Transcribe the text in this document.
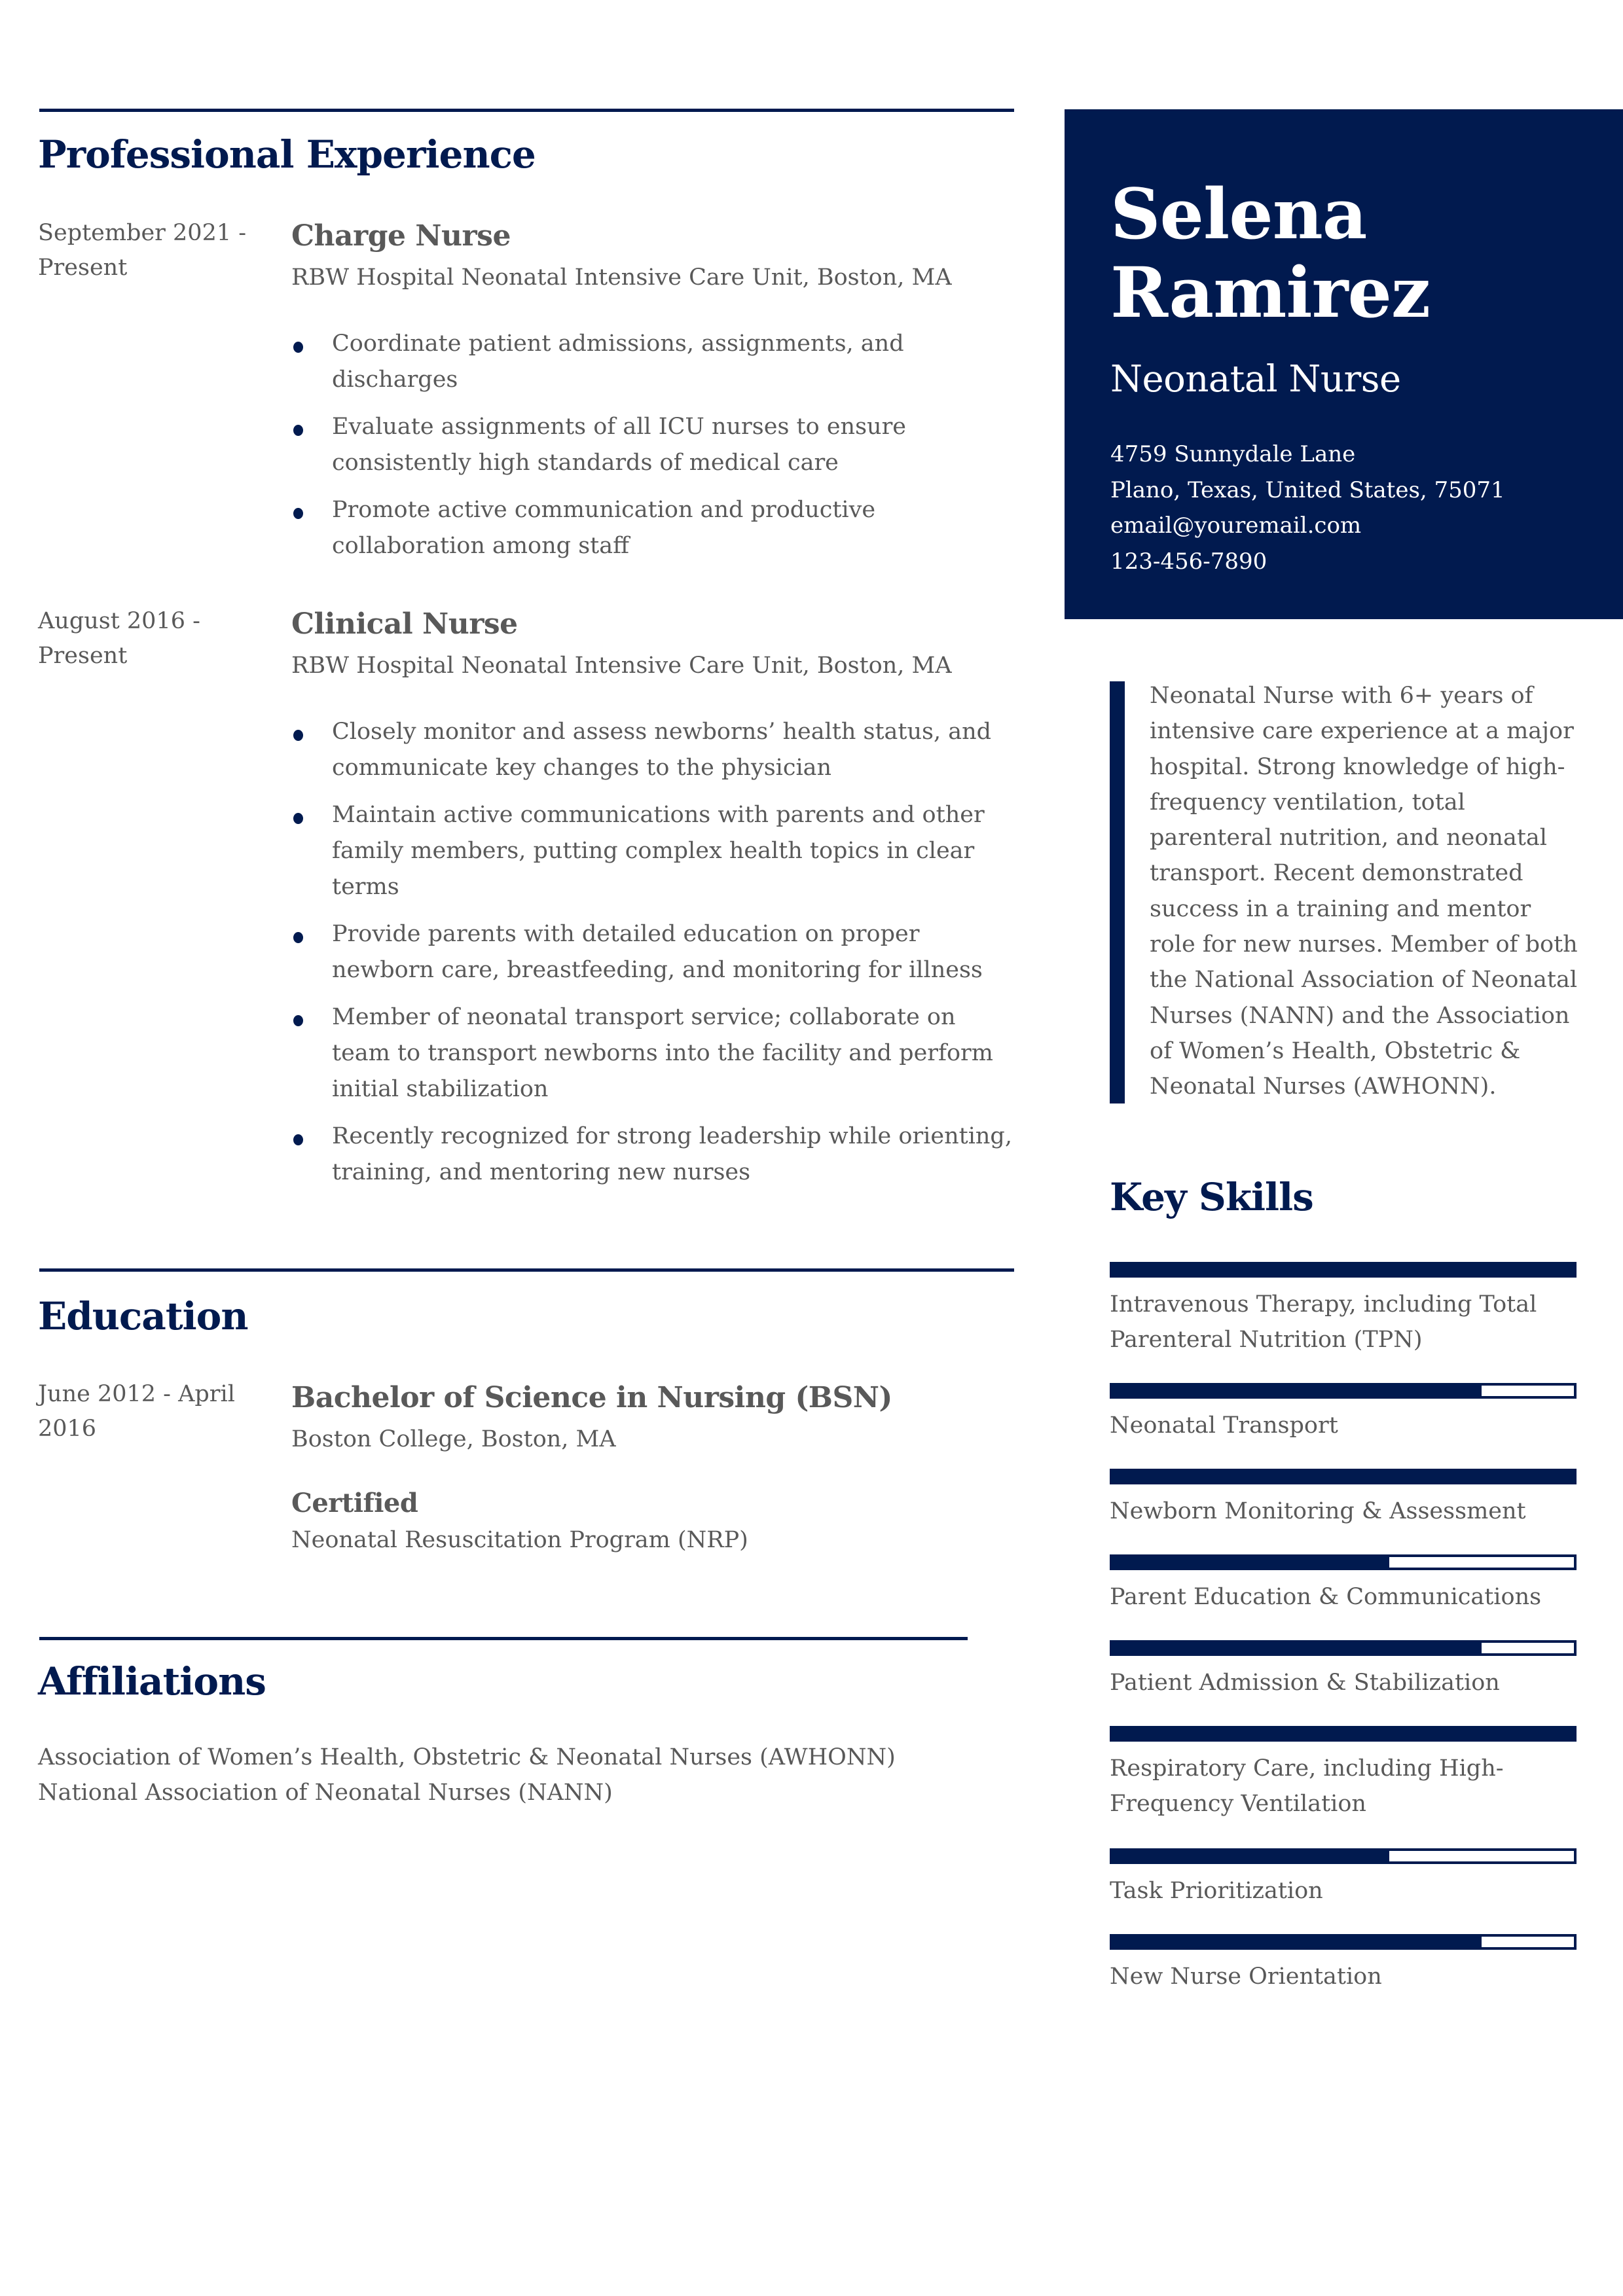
Professional Experience
September 2021 -
Present
Charge Nurse
RBW Hospital Neonatal Intensive Care Unit, Boston, MA
Coordinate patient admissions, assignments, and discharges
Evaluate assignments of all ICU nurses to ensure consistently high standards of medical care
Promote active communication and productive collaboration among staff
August 2016 -
Present
Clinical Nurse
RBW Hospital Neonatal Intensive Care Unit, Boston, MA
Closely monitor and assess newborns’ health status, and communicate key changes to the physician
Maintain active communications with parents and other family members, putting complex health topics in clear terms
Provide parents with detailed education on proper newborn care, breastfeeding, and monitoring for illness
Member of neonatal transport service; collaborate on team to transport newborns into the facility and perform initial stabilization
Recently recognized for strong leadership while orienting, training, and mentoring new nurses
Education
June 2012 - April
2016
Bachelor of Science in Nursing (BSN)
Boston College, Boston, MA
Certified
Neonatal Resuscitation Program (NRP)
Affiliations
Association of Women’s Health, Obstetric & Neonatal Nurses (AWHONN)
National Association of Neonatal Nurses (NANN)
Selena
Ramirez
Neonatal Nurse
4759 Sunnydale Lane
Plano, Texas, United States, 75071
email@youremail.com
123-456-7890
Neonatal Nurse with 6+ years of intensive care experience at a major hospital. Strong knowledge of high-frequency ventilation, total parenteral nutrition, and neonatal transport. Recent demonstrated success in a training and mentor role for new nurses. Member of both the National Association of Neonatal Nurses (NANN) and the Association of Women’s Health, Obstetric & Neonatal Nurses (AWHONN).
Key Skills
Intravenous Therapy, including Total Parenteral Nutrition (TPN)
Neonatal Transport
Newborn Monitoring & Assessment
Parent Education & Communications
Patient Admission & Stabilization
Respiratory Care, including High-Frequency Ventilation
Task Prioritization
New Nurse Orientation
